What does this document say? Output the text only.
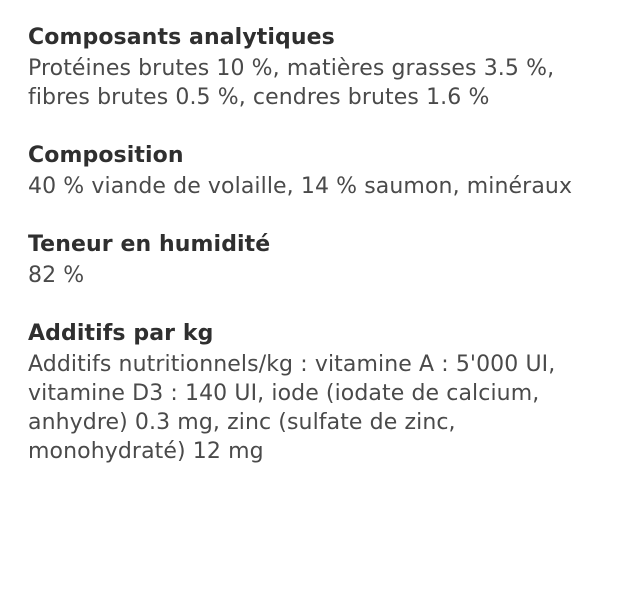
Composants analytiques

Protéines brutes 10 %, matières grasses 3.5 %, fibres brutes 0.5 %, cendres brutes 1.6 %

Composition

40 % viande de volaille, 14 % saumon, minéraux

Teneur en humidité

82 %

Additifs par kg

Additifs nutritionnels/kg : vitamine A : 5'000 UI, vitamine D3 : 140 UI, iode (iodate de calcium, anhydre) 0.3 mg, zinc (sulfate de zinc, monohydraté) 12 mg
